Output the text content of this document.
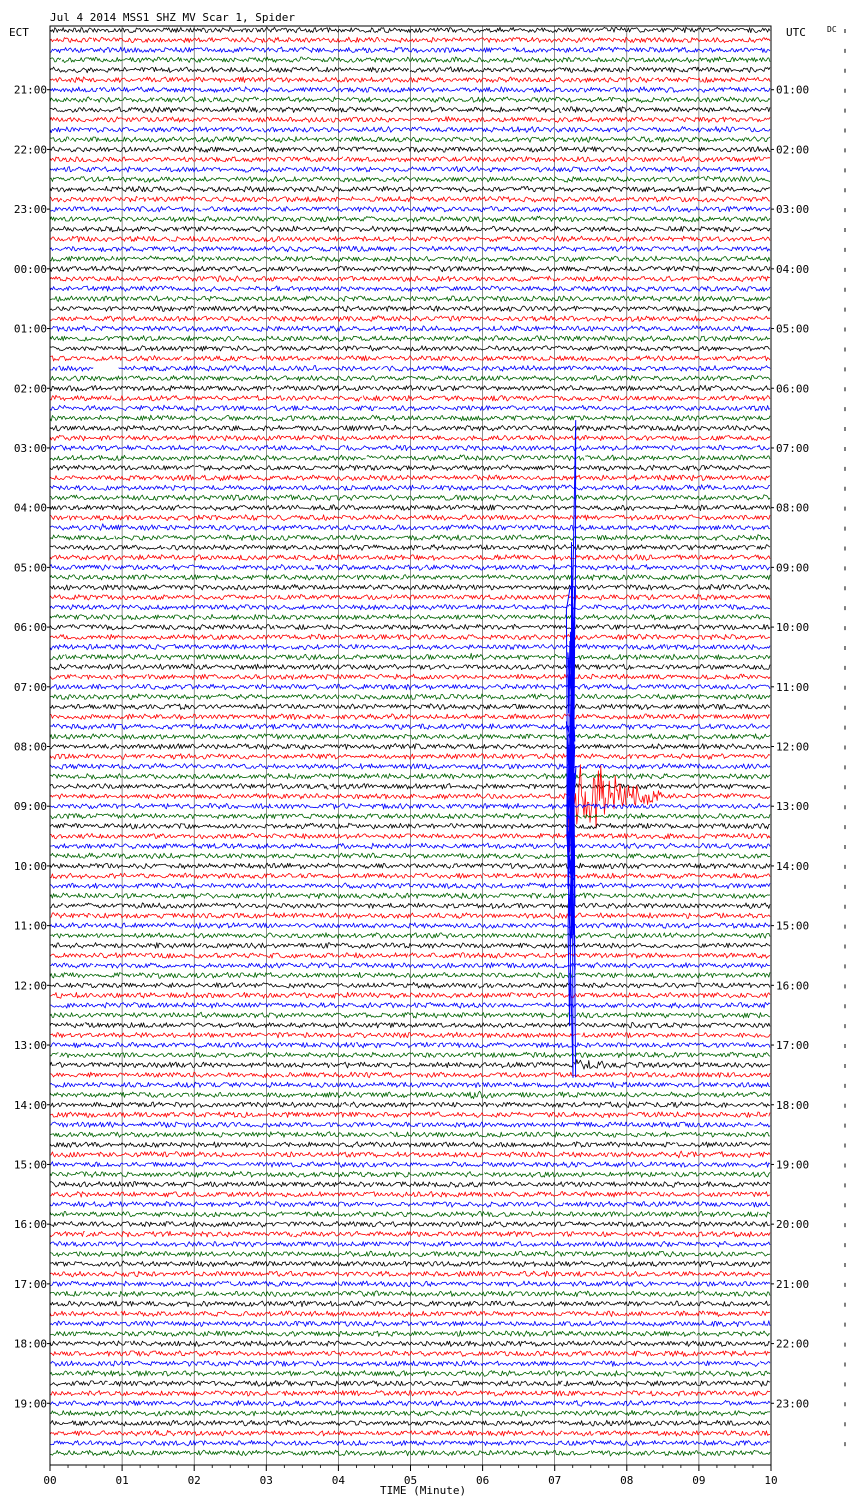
Jul 4 2014 MSS1 SHZ MV Scar 1, Spider
ECT	UTC	DC
TIME (Minute)
21:00
22:00
23:00
00:00
01:00
02:00
03:00
04:00
05:00
06:00
07:00
08:00
09:00
10:00
11:00
12:00
13:00
14:00
15:00
16:00
17:00
18:00
19:00
01:00
02:00
03:00
04:00
05:00
06:00
07:00
08:00
09:00
10:00
11:00
12:00
13:00
14:00
15:00
16:00
17:00
18:00
19:00
20:00
21:00
22:00
23:00
00	01	02	03	04	05	06	07	08	09	10
